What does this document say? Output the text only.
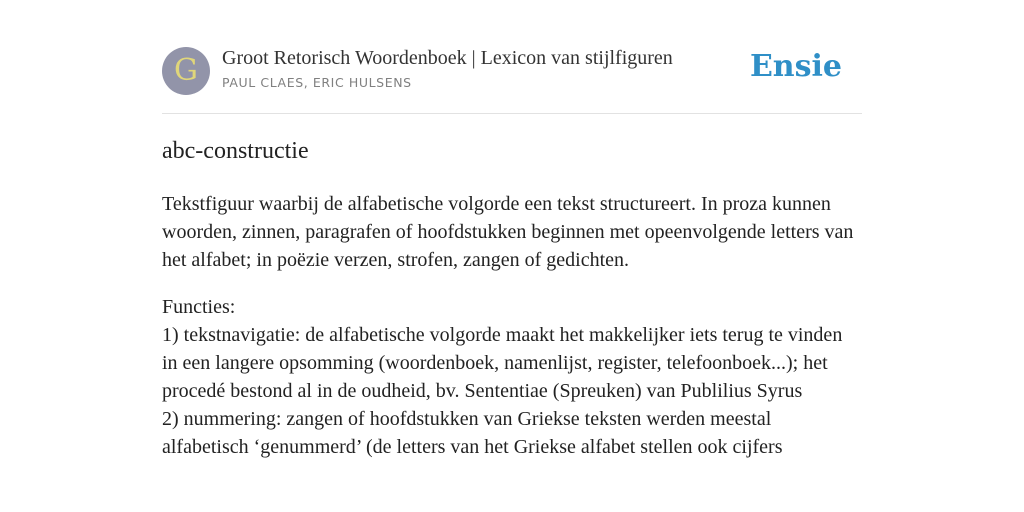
G	Groot Retorisch Woordenboek | Lexicon van stijlfiguren
PAUL CLAES, ERIC HULSENS	Ensie
abc-constructie

Tekstfiguur waarbij de alfabetische volgorde een tekst structureert. In proza kunnen woorden, zinnen, paragrafen of hoofdstukken beginnen met opeenvolgende letters van het alfabet; in poëzie verzen, strofen, zangen of gedichten.

Functies:
1) tekstnavigatie: de alfabetische volgorde maakt het makkelijker iets terug te vinden in een langere opsomming (woordenboek, namenlijst, register, telefoonboek...); het procedé bestond al in de oudheid, bv. Sententiae (Spreuken) van Publilius Syrus
2) nummering: zangen of hoofdstukken van Griekse teksten werden meestal alfabetisch ‘genummerd’ (de letters van het Griekse alfabet stellen ook cijfers
